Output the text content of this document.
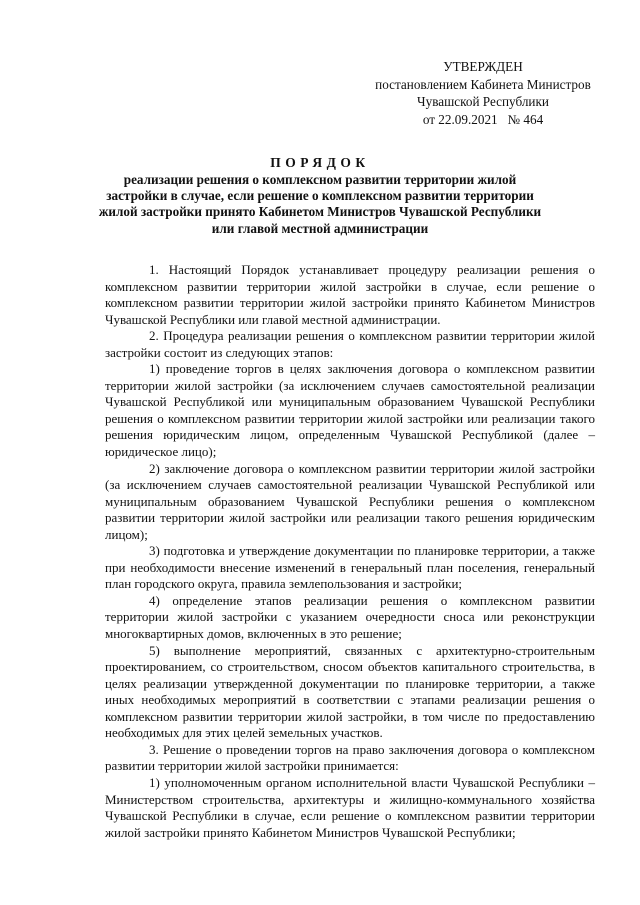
УТВЕРЖДЕН
постановлением Кабинета Министров
Чувашской Республики
от 22.09.2021   № 464
ПОРЯДОК
реализации решения о комплексном развитии территории жилой застройки в случае, если решение о комплексном развитии территории жилой застройки принято Кабинетом Министров Чувашской Республики или главой местной администрации

1. Настоящий Порядок устанавливает процедуру реализации решения о комплексном развитии территории жилой застройки в случае, если решение о комплексном развитии территории жилой застройки принято Кабинетом Министров Чувашской Республики или главой местной администрации.

2. Процедура реализации решения о комплексном развитии территории жилой застройки состоит из следующих этапов:

1) проведение торгов в целях заключения договора о комплексном развитии территории жилой застройки (за исключением случаев самостоятельной реализации Чувашской Республикой или муниципальным образованием Чувашской Республики решения о комплексном развитии территории жилой застройки или реализации такого решения юридическим лицом, определенным Чувашской Республикой (далее – юридическое лицо);

2) заключение договора о комплексном развитии территории жилой застройки (за исключением случаев самостоятельной реализации Чувашской Республикой или муниципальным образованием Чувашской Республики решения о комплексном развитии территории жилой застройки или реализации такого решения юридическим лицом);

3) подготовка и утверждение документации по планировке территории, а также при необходимости внесение изменений в генеральный план поселения, генеральный план городского округа, правила землепользования и застройки;

4) определение этапов реализации решения о комплексном развитии территории жилой застройки с указанием очередности сноса или реконструкции многоквартирных домов, включенных в это решение;

5) выполнение мероприятий, связанных с архитектурно-строительным проектированием, со строительством, сносом объектов капитального строительства, в целях реализации утвержденной документации по планировке территории, а также иных необходимых мероприятий в соответствии с этапами реализации решения о комплексном развитии территории жилой застройки, в том числе по предоставлению необходимых для этих целей земельных участков.

3. Решение о проведении торгов на право заключения договора о комплексном развитии территории жилой застройки принимается:

1) уполномоченным органом исполнительной власти Чувашской Республики – Министерством строительства, архитектуры и жилищно-коммунального хозяйства Чувашской Республики в случае, если решение о комплексном развитии территории жилой застройки принято Кабинетом Министров Чувашской Республики;
